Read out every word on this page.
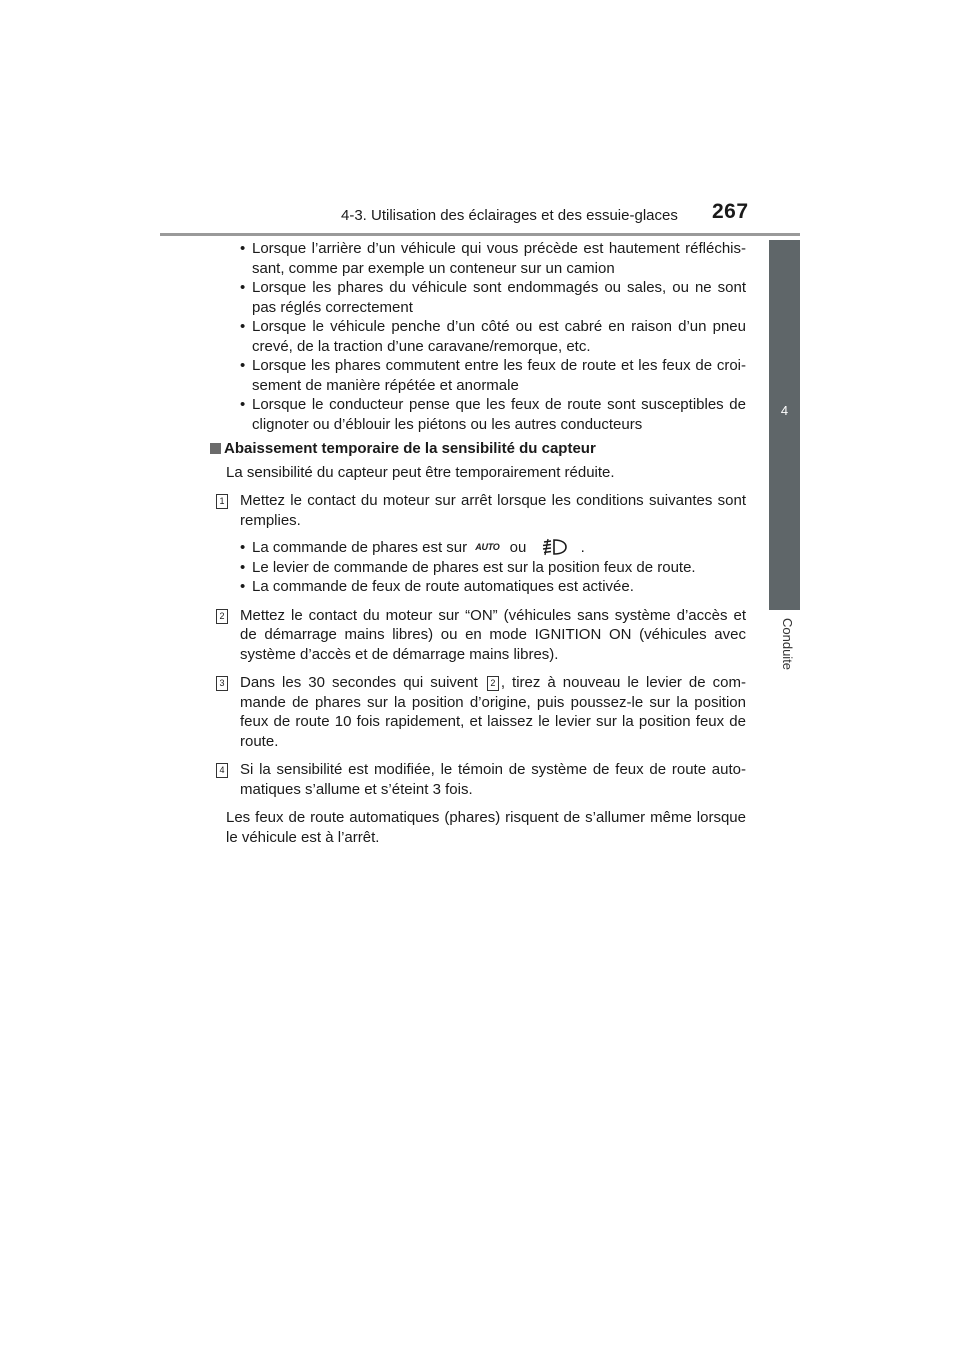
4-3. Utilisation des éclairages et des essuie-glaces 267
4
Conduite
• Lorsque l’arrière d’un véhicule qui vous précède est hautement réfléchis-sant, comme par exemple un conteneur sur un camion
• Lorsque les phares du véhicule sont endommagés ou sales, ou ne sont pas réglés correctement
• Lorsque le véhicule penche d’un côté ou est cabré en raison d’un pneu crevé, de la traction d’une caravane/remorque, etc.
• Lorsque les phares commutent entre les feux de route et les feux de croi-sement de manière répétée et anormale
• Lorsque le conducteur pense que les feux de route sont susceptibles de clignoter ou d’éblouir les piétons ou les autres conducteurs
Abaissement temporaire de la sensibilité du capteur

La sensibilité du capteur peut être temporairement réduite.

1 Mettez le contact du moteur sur arrêt lorsque les conditions suivantes sont remplies.
• La commande de phares est sur AUTO ou	.
• Le levier de commande de phares est sur la position feux de route.
• La commande de feux de route automatiques est activée.
2 Mettez le contact du moteur sur “ON” (véhicules sans système d’accès et de démarrage mains libres) ou en mode IGNITION ON (véhicules avec système d’accès et de démarrage mains libres).
3 Dans les 30 secondes qui suivent 2 , tirez à nouveau le levier de com-mande de phares sur la position d’origine, puis poussez-le sur la position feux de route 10 fois rapidement, et laissez le levier sur la position feux de route.
4 Si la sensibilité est modifiée, le témoin de système de feux de route auto-matiques s’allume et s’éteint 3 fois.

Les feux de route automatiques (phares) risquent de s’allumer même lorsque le véhicule est à l’arrêt.
